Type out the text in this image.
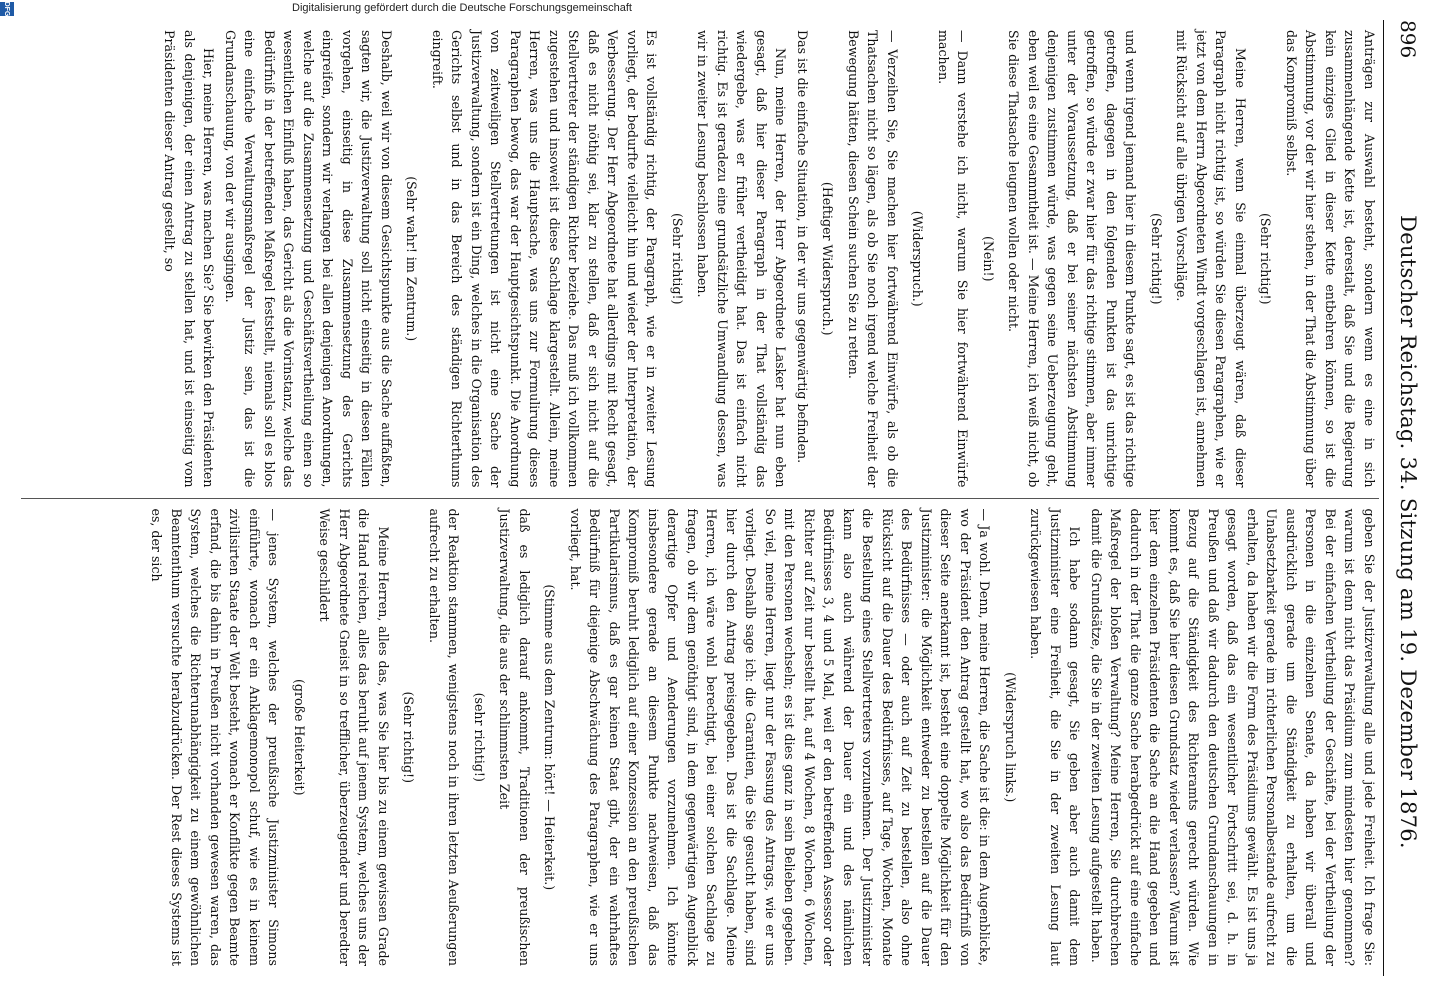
896
Deutscher Reichstag. 34. Sitzung am 19. Dezember 1876.

Anträgen zur Auswahl besteht, sondern wenn es eine in sich zusammenhängende Kette ist, derestalt, daß Sie und die Regierung kein einziges Glied in dieser Kette entbehren können, so ist die Abstimmung, vor der wir hier stehen, in der That die Abstimmung über das Kompromiß selbst.

(Sehr richtig!)

Meine Herren, wenn Sie einmal überzeugt wären, daß dieser Paragraph nicht richtig ist, so würden Sie diesen Paragraphen, wie er jetzt von dem Herrn Abgeordneten Windt vorgeschlagen ist, annehmen mit Rücksicht auf alle übrigen Vorschläge.

(Sehr richtig!)

und wenn irgend jemand hier in diesem Punkte sagt, es ist das richtige getroffen, dagegen in den folgenden Punkten ist das unrichtige getroffen, so würde er zwar hier für das richtige stimmen, aber immer unter der Voraussetzung, daß er bei seiner nächsten Abstimmung denjenigen zustimmen würde, was gegen seine Ueberzeugung geht, eben weil es eine Gesammtheit ist. — Meine Herren, ich weiß nicht, ob Sie diese Thatsache leugnen wollen oder nicht.

(Nein!)

— Dann verstehe ich nicht, warum Sie hier fortwährend Einwürfe machen.

(Widerspruch.)

— Verzeihen Sie, Sie machen hier fortwährend Einwürfe, als ob die Thatsachen nicht so lägen, als ob Sie noch irgend welche Freiheit der Bewegung hätten, diesen Schein suchen Sie zu retten.

(Heftiger Widerspruch.)

Das ist die einfache Situation, in der wir uns gegenwärtig befinden.

Nun, meine Herren, der Herr Abgeordnete Lasker hat nun eben gesagt, daß hier dieser Paragraph in der That vollständig das wiedergebe, was er früher vertheidigt hat. Das ist einfach nicht richtig. Es ist geradezu eine grundsätzliche Umwandlung dessen, was wir in zweiter Lesung beschlossen haben.

(Sehr richtig!)

Es ist vollständig richtig, der Paragraph, wie er in zweiter Lesung vorliegt, der bedurfte vielleicht hin und wieder der Interpretation, der Verbesserung. Der Herr Abgeordnete hat allerdings mit Recht gesagt, daß es nicht nöthig sei, klar zu stellen, daß er sich nicht auf die Stellvertreter der ständigen Richter beziehe. Das muß ich vollkommen zugestehen und insoweit ist diese Sachlage klargestellt. Allein, meine Herren, was uns die Hauptsache, was uns zur Formulirung dieses Paragraphen bewog, das war der Hauptgesichtspunkt. Die Anordnung von zeitweiligen Stellvertretungen ist nicht eine Sache der Justizverwaltung, sondern ist ein Ding, welches in die Organisation des Gerichts selbst und in das Bereich des ständigen Richterthums eingreift.

(Sehr wahr! im Zentrum.)

Deshalb, weil wir von diesem Gesichtspunkte aus die Sache auffaßten, sagten wir, die Justizverwaltung soll nicht einseitig in diesen Fällen vorgehen, einseitig in diese Zusammensetzung des Gerichts eingreifen, sondern wir verlangen bei allen denjenigen Anordnungen, welche auf die Zusammensetzung und Geschäftsvertheilung einen so wesentlichen Einfluß haben, das Gericht als die Vorinstanz, welche das Bedürfniß in der betreffenden Maßregel feststellt, niemals soll es blos eine einfache Verwaltungsmaßregel der Justiz sein, das ist die Grundanschauung, von der wir ausgingen.

Hier, meine Herren, was machen Sie? Sie bewirken den Präsidenten als denjenigen, der einen Antrag zu stellen hat, und ist einseitig vom Präsidenten dieser Antrag gestellt, so

geben Sie der Justizverwaltung alle und jede Freiheit. Ich frage Sie: warum ist denn nicht das Präsidium zum mindesten hier genommen? Bei der einfachen Vertheilung der Geschäfte, bei der Vertheilung der Personen in die einzelnen Senate, da haben wir überall und ausdrücklich gerade um die Ständigkeit zu erhalten, um die Unabsetzbarkeit gerade im richterlichen Personalbestande aufrecht zu erhalten, da haben wir die Form des Präsidiums gewählt. Es ist uns ja gesagt worden, daß das ein wesentlicher Fortschritt sei, d. h. in Preußen und daß wir dadurch den deutschen Grundanschauungen in Bezug auf die Ständigkeit des Richteramts gerecht würden. Wie kommt es, daß Sie hier diesen Grundsatz wieder verlassen? Warum ist hier dem einzelnen Präsidenten die Sache an die Hand gegeben und dadurch in der That die ganze Sache herabgedrückt auf eine einfache Maßregel der bloßen Verwaltung? Meine Herren, Sie durchbrechen damit die Grundsätze, die Sie in der zweiten Lesung aufgestellt haben.

Ich habe sodann gesagt, Sie geben aber auch damit dem Justizminister eine Freiheit, die Sie in der zweiten Lesung laut zurückgewiesen haben.

(Widerspruch links.)

— Ja wohl. Denn, meine Herren, die Sache ist die: in dem Augenblicke, wo der Präsident den Antrag gestellt hat, wo also das Bedürfniß von dieser Seite anerkannt ist, besteht eine doppelte Möglichkeit für den Justizminister: die Möglichkeit entweder zu bestellen auf die Dauer des Bedürfnisses — oder auch auf Zeit zu bestellen, also ohne Rücksicht auf die Dauer des Bedürfnisses, auf Tage, Wochen, Monate die Bestellung eines Stellvertreters vorzunehmen. Der Justizminister kann also auch während der Dauer ein und des nämlichen Bedürfnisses 3, 4 und 5 Mal, weil er den betreffenden Assessor oder Richter auf Zeit nur bestellt hat, auf 4 Wochen, 8 Wochen, 6 Wochen, mit den Personen wechseln; es ist dies ganz in sein Belieben gegeben. So viel, meine Herren, liegt nur der Fassung des Antrags, wie er uns vorliegt. Deshalb sage ich: die Garantien, die Sie gesucht haben, sind hier durch den Antrag preisgegeben. Das ist die Sachlage. Meine Herren, ich wäre wohl berechtigt, bei einer solchen Sachlage zu fragen, ob wir dem genöthigt sind, in dem gegenwärtigen Augenblick derartige Opfer und Aenderungen vorzunehmen. Ich könnte insbesondere gerade an diesem Punkte nachweisen, daß das Kompromiß beruht lediglich auf einer Konzession an den preußischen Partikularismus, daß es gar keinen Staat gibt, der ein wahrhaftes Bedürfniß für diejenige Abschwächung des Paragraphen, wie er uns vorliegt, hat.

(Stimme aus dem Zentrum: hört! — Heiterkeit.)

daß es lediglich darauf ankommt, Traditionen der preußischen Justizverwaltung, die aus der schlimmsten Zeit

(sehr richtig!)

der Reaktion stammen, wenigstens noch in ihren letzten Aeußerungen aufrecht zu erhalten.

(Sehr richtig!)

Meine Herren, alles das, was Sie hier bis zu einem gewissen Grade die Hand reichen, alles das beruht auf jenem System, welches uns der Herr Abgeordnete Gneist in so trefflicher, überzeugender und beredter Weise geschildert

(große Heiterkeit)

— jenes System, welches der preußische Justizminister Simons einführte, wonach er ein Anklagemonopol schuf, wie es in keinem zivilisirten Staate der Welt besteht, wonach er Konflikte gegen Beamte erfand, die bis dahin in Preußen nicht vorhanden gewesen waren, das System, welches die Richterunabhängigkeit zu einem gewöhnlichen Beamtenthum versuchte herabzudrücken. Der Rest dieses Systems ist es, der sich

Digitalisierung gefördert durch die Deutsche Forschungsgemeinschaft
DFG
